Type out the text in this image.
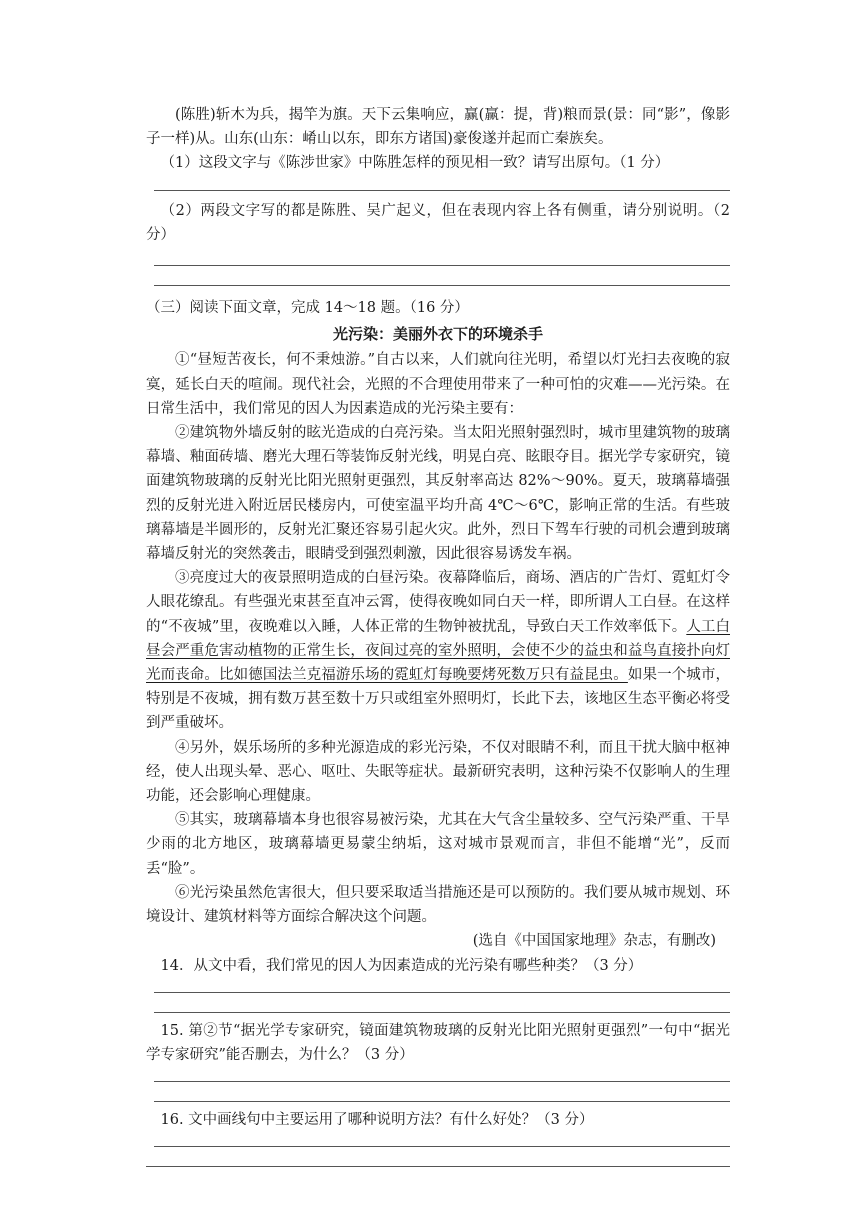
(陈胜)斩木为兵，揭竿为旗。天下云集响应，赢(赢：提，背)粮而景(景：同“影”，像影子一样)从。山东(山东：崤山以东，即东方诸国)豪俊遂并起而亡秦族矣。

（1）这段文字与《陈涉世家》中陈胜怎样的预见相一致？请写出原句。（1 分）

（2）两段文字写的都是陈胜、吴广起义，但在表现内容上各有侧重，请分别说明。（2 分）

（三）阅读下面文章，完成 14～18 题。（16 分）

光污染：美丽外衣下的环境杀手

①“昼短苦夜长，何不秉烛游。”自古以来，人们就向往光明，希望以灯光扫去夜晚的寂寞，延长白天的喧闹。现代社会，光照的不合理使用带来了一种可怕的灾难——光污染。在日常生活中，我们常见的因人为因素造成的光污染主要有：

②建筑物外墙反射的眩光造成的白亮污染。当太阳光照射强烈时，城市里建筑物的玻璃幕墙、釉面砖墙、磨光大理石等装饰反射光线，明晃白亮、眩眼夺目。据光学专家研究，镜面建筑物玻璃的反射光比阳光照射更强烈，其反射率高达 82%～90%。夏天，玻璃幕墙强烈的反射光进入附近居民楼房内，可使室温平均升高 4℃～6℃，影响正常的生活。有些玻璃幕墙是半圆形的，反射光汇聚还容易引起火灾。此外，烈日下驾车行驶的司机会遭到玻璃幕墙反射光的突然袭击，眼睛受到强烈刺激，因此很容易诱发车祸。

③亮度过大的夜景照明造成的白昼污染。夜幕降临后，商场、酒店的广告灯、霓虹灯令人眼花缭乱。有些强光束甚至直冲云霄，使得夜晚如同白天一样，即所谓人工白昼。在这样的“不夜城”里，夜晚难以入睡，人体正常的生物钟被扰乱，导致白天工作效率低下。人工白昼会严重危害动植物的正常生长，夜间过亮的室外照明，会使不少的益虫和益鸟直接扑向灯光而丧命。比如德国法兰克福游乐场的霓虹灯每晚要烤死数万只有益昆虫。如果一个城市，特别是不夜城，拥有数万甚至数十万只或组室外照明灯，长此下去，该地区生态平衡必将受到严重破坏。

④另外，娱乐场所的多种光源造成的彩光污染，不仅对眼睛不利，而且干扰大脑中枢神经，使人出现头晕、恶心、呕吐、失眠等症状。最新研究表明，这种污染不仅影响人的生理功能，还会影响心理健康。

⑤其实，玻璃幕墙本身也很容易被污染，尤其在大气含尘量较多、空气污染严重、干旱少雨的北方地区，玻璃幕墙更易蒙尘纳垢，这对城市景观而言，非但不能增“光”，反而丢“脸”。

⑥光污染虽然危害很大，但只要采取适当措施还是可以预防的。我们要从城市规划、环境设计、建筑材料等方面综合解决这个问题。

(选自《中国国家地理》杂志，有删改)

14．从文中看，我们常见的因人为因素造成的光污染有哪些种类？（3 分）

15. 第②节“据光学专家研究，镜面建筑物玻璃的反射光比阳光照射更强烈”一句中“据光学专家研究”能否删去，为什么？（3 分）

16. 文中画线句中主要运用了哪种说明方法？有什么好处？（3 分）
